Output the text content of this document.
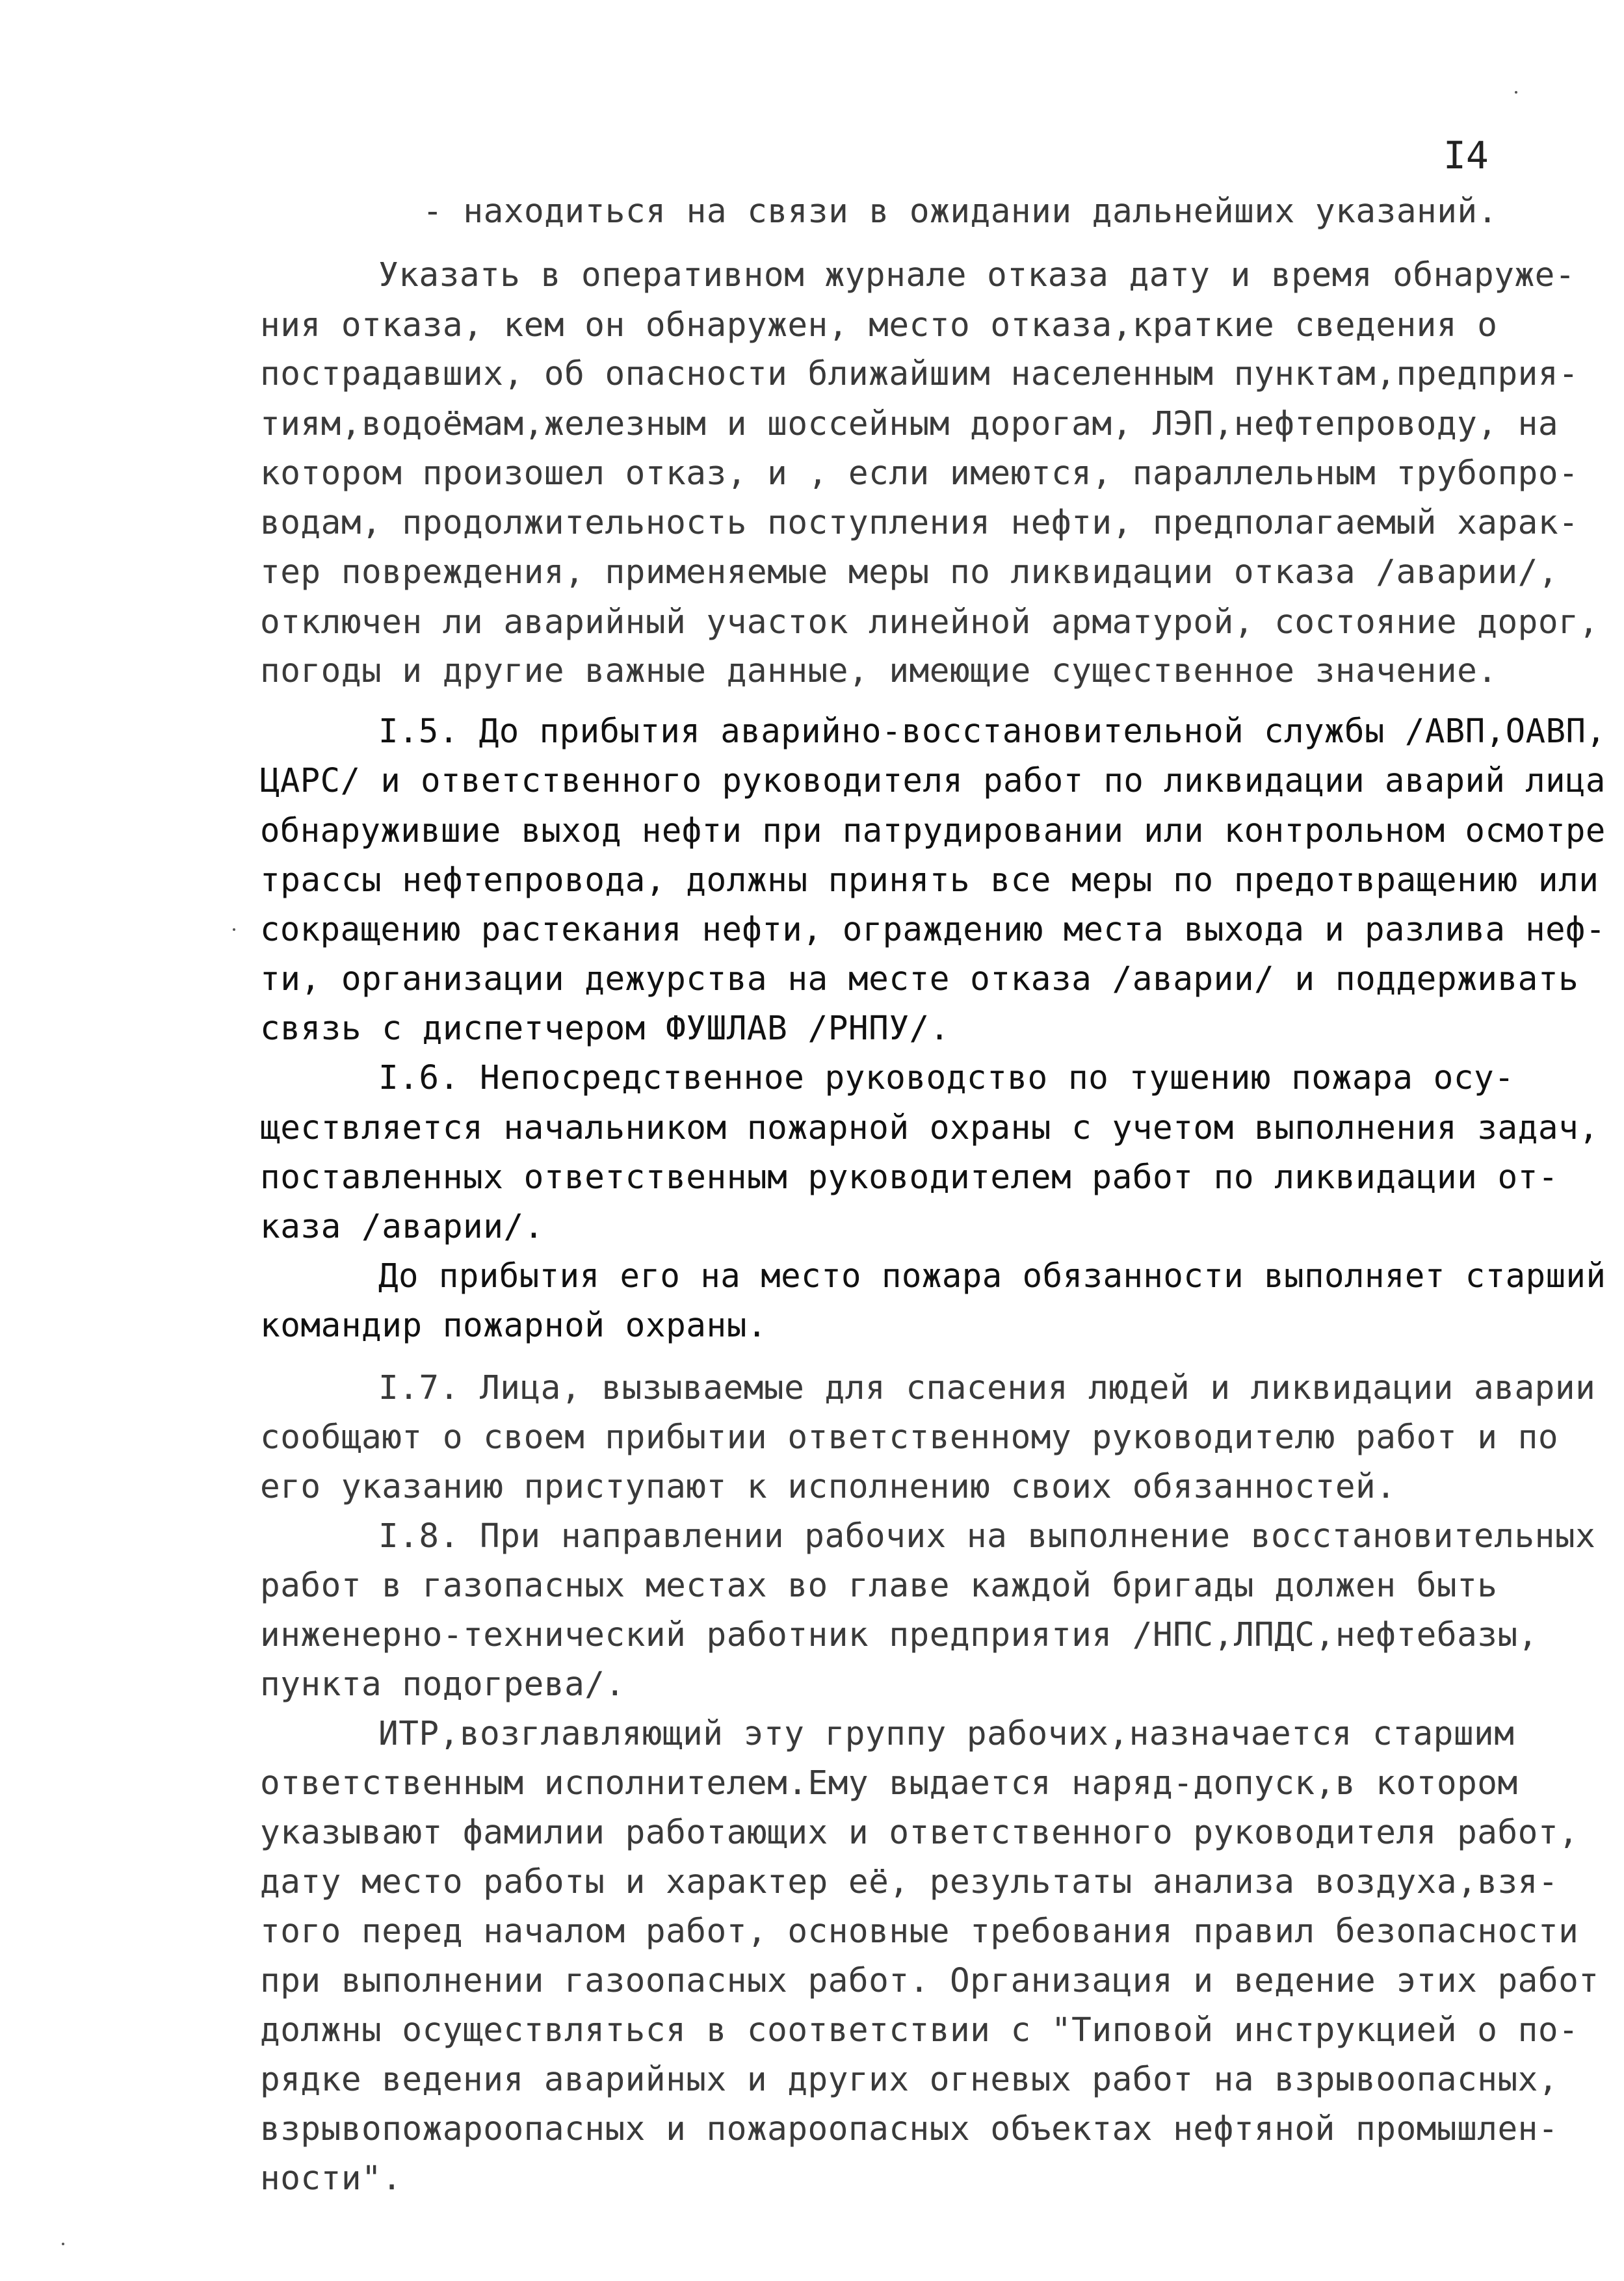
I4
- находиться на связи в ожидании дальнейших указаний.
Указать в оперативном журнале отказа дату и время обнаруже-
ния отказа, кем он обнаружен, место отказа,краткие сведения о
пострадавших, об опасности ближайшим населенным пунктам,предприя-
тиям,водоёмам,железным и шоссейным дорогам, ЛЭП,нефтепроводу, на
котором произошел отказ, и , если имеются, параллельным трубопро-
водам, продолжительность поступления нефти, предполагаемый харак-
тер повреждения, применяемые меры по ликвидации отказа /аварии/,
отключен ли аварийный участок линейной арматурой, состояние дорог,
погоды и другие важные данные, имеющие существенное значение.
I.5. До прибытия аварийно-восстановительной службы /АВП,ОАВП,
ЦАРС/ и ответственного руководителя работ по ликвидации аварий лица
обнаружившие выход нефти при патрудировании или контрольном осмотре
трассы нефтепровода, должны принять все меры по предотвращению или
сокращению растекания нефти, ограждению места выхода и разлива неф-
ти, организации дежурства на месте отказа /аварии/ и поддерживать
связь с диспетчером ФУШЛАВ /РНПУ/.
I.6. Непосредственное руководство по тушению пожара осу-
ществляется начальником пожарной охраны с учетом выполнения задач,
поставленных ответственным руководителем работ по ликвидации от-
каза /аварии/.
До прибытия его на место пожара обязанности выполняет старший
командир пожарной охраны.
I.7. Лица, вызываемые для спасения людей и ликвидации аварии
сообщают о своем прибытии ответственному руководителю работ и по
его указанию приступают к исполнению своих обязанностей.
I.8. При направлении рабочих на выполнение восстановительных
работ в газопасных местах во главе каждой бригады должен быть
инженерно-технический работник предприятия /НПС,ЛПДС,нефтебазы,
пункта подогрева/.
ИТР,возглавляющий эту группу рабочих,назначается старшим
ответственным исполнителем.Ему выдается наряд-допуск,в котором
указывают фамилии работающих и ответственного руководителя работ,
дату место работы и характер её, результаты анализа воздуха,взя-
того перед началом работ, основные требования правил безопасности
при выполнении газоопасных работ. Организация и ведение этих работ
должны осуществляться в соответствии с "Типовой инструкцией о по-
рядке ведения аварийных и других огневых работ на взрывоопасных,
взрывопожароопасных и пожароопасных объектах нефтяной промышлен-
ности".
